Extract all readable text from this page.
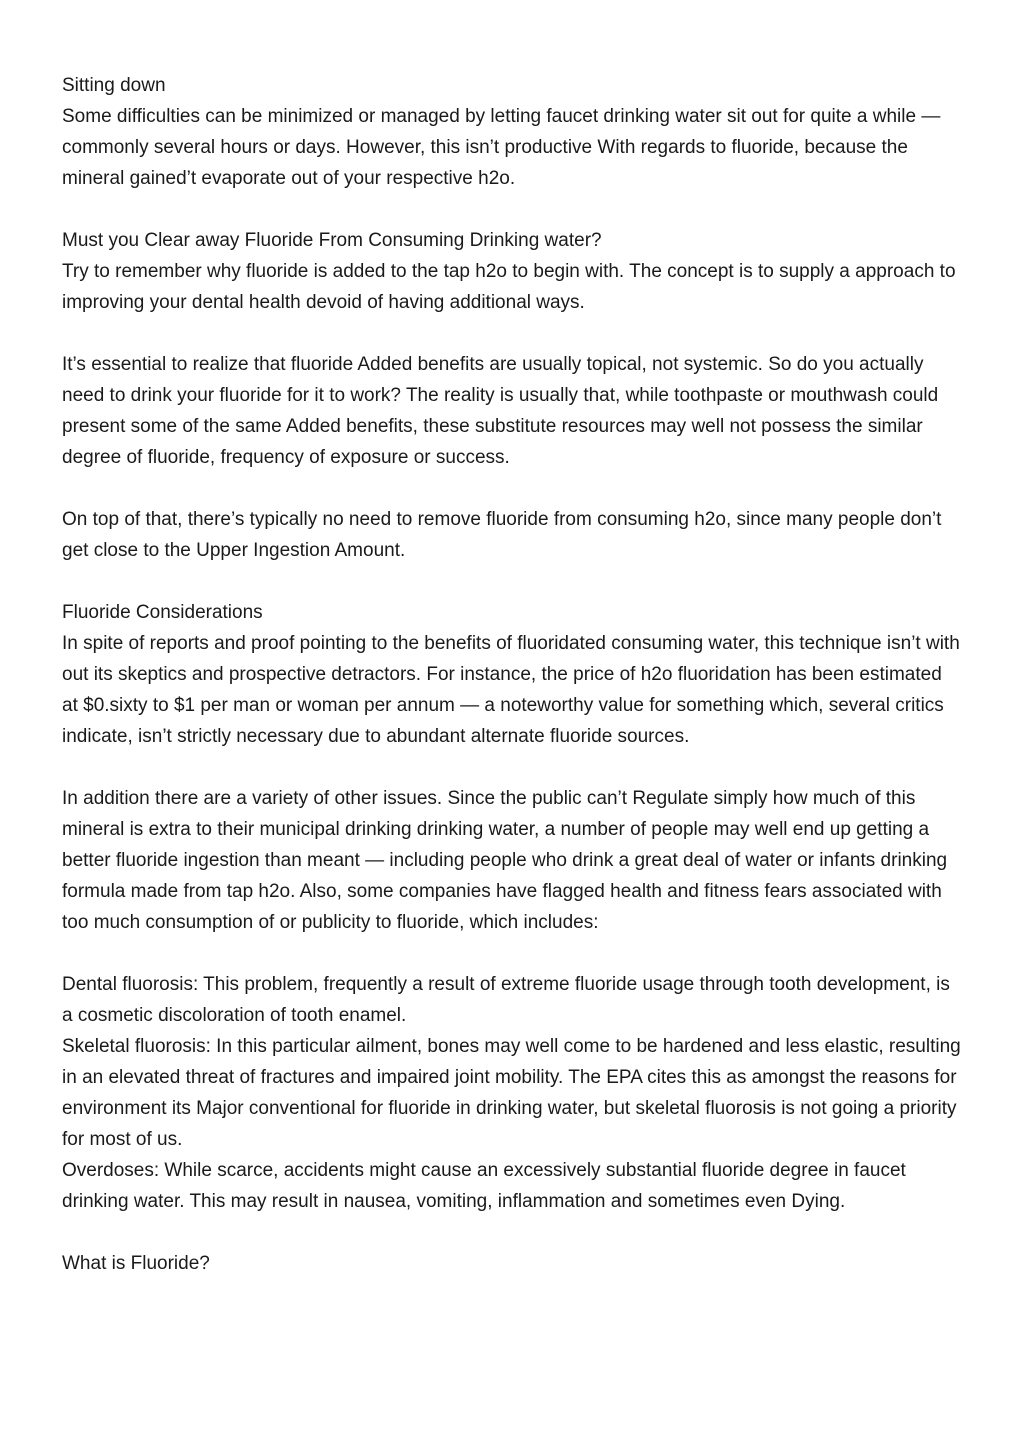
Sitting down

Some difficulties can be minimized or managed by letting faucet drinking water sit out for quite a while — commonly several hours or days. However, this isn’t productive With regards to fluoride, because the mineral gained’t evaporate out of your respective h2o.

Must you Clear away Fluoride From Consuming Drinking water?

Try to remember why fluoride is added to the tap h2o to begin with. The concept is to supply a approach to improving your dental health devoid of having additional ways.

It’s essential to realize that fluoride Added benefits are usually topical, not systemic. So do you actually need to drink your fluoride for it to work? The reality is usually that, while toothpaste or mouthwash could present some of the same Added benefits, these substitute resources may well not possess the similar degree of fluoride, frequency of exposure or success.

On top of that, there’s typically no need to remove fluoride from consuming h2o, since many people don’t get close to the Upper Ingestion Amount.

Fluoride Considerations

In spite of reports and proof pointing to the benefits of fluoridated consuming water, this technique isn’t with out its skeptics and prospective detractors. For instance, the price of h2o fluoridation has been estimated at $0.sixty to $1 per man or woman per annum — a noteworthy value for something which, several critics indicate, isn’t strictly necessary due to abundant alternate fluoride sources.

In addition there are a variety of other issues. Since the public can’t Regulate simply how much of this mineral is extra to their municipal drinking drinking water, a number of people may well end up getting a better fluoride ingestion than meant — including people who drink a great deal of water or infants drinking formula made from tap h2o. Also, some companies have flagged health and fitness fears associated with too much consumption of or publicity to fluoride, which includes:

Dental fluorosis: This problem, frequently a result of extreme fluoride usage through tooth development, is a cosmetic discoloration of tooth enamel.

Skeletal fluorosis: In this particular ailment, bones may well come to be hardened and less elastic, resulting in an elevated threat of fractures and impaired joint mobility. The EPA cites this as amongst the reasons for environment its Major conventional for fluoride in drinking water, but skeletal fluorosis is not going a priority for most of us.

Overdoses: While scarce, accidents might cause an excessively substantial fluoride degree in faucet drinking water. This may result in nausea, vomiting, inflammation and sometimes even Dying.

What is Fluoride?
